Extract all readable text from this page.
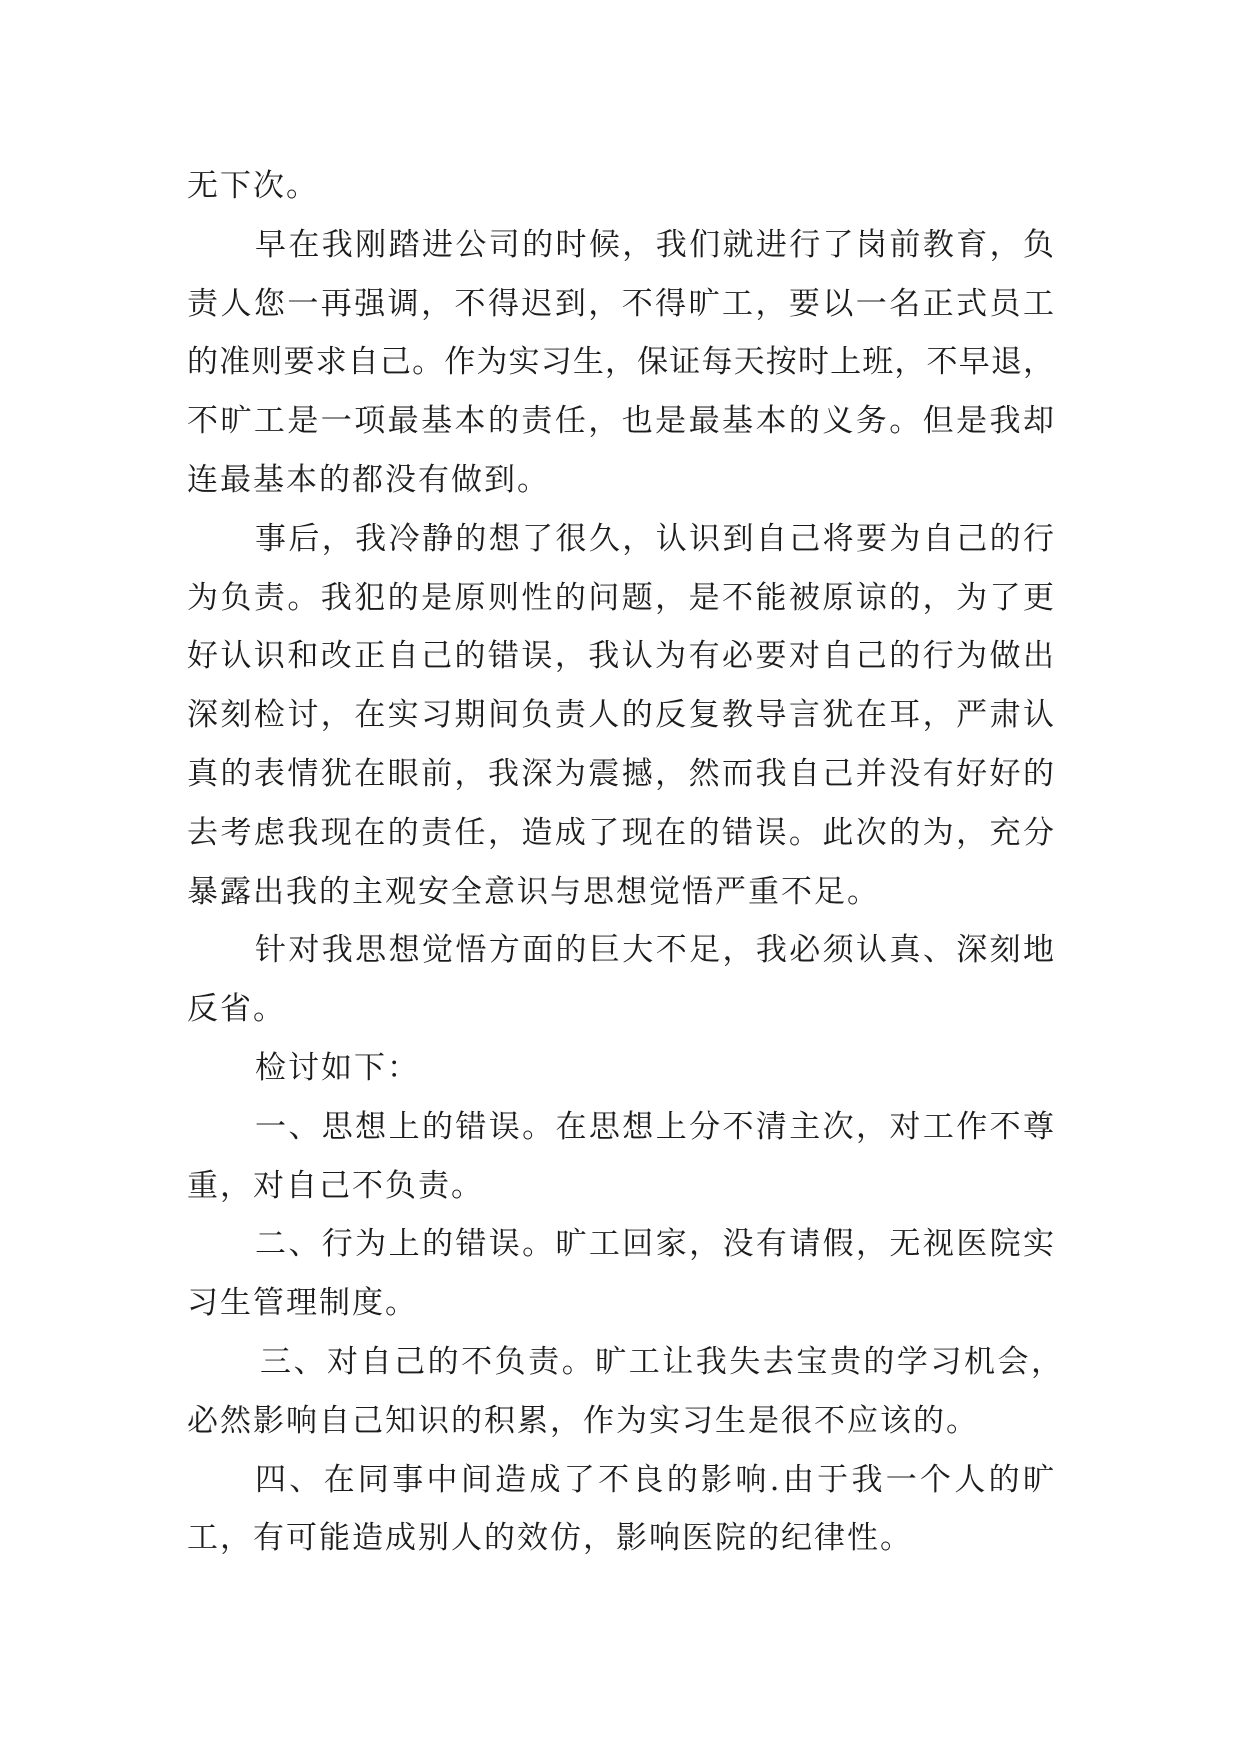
无下次。
早在我刚踏进公司的时候，我们就进行了岗前教育，负
责人您一再强调，不得迟到，不得旷工，要以一名正式员工
的准则要求自己。作为实习生，保证每天按时上班，不早退，
不旷工是一项最基本的责任，也是最基本的义务。但是我却
连最基本的都没有做到。
事后，我冷静的想了很久，认识到自己将要为自己的行
为负责。我犯的是原则性的问题，是不能被原谅的，为了更
好认识和改正自己的错误，我认为有必要对自己的行为做出
深刻检讨，在实习期间负责人的反复教导言犹在耳，严肃认
真的表情犹在眼前，我深为震撼，然而我自己并没有好好的
去考虑我现在的责任，造成了现在的错误。此次的为，充分
暴露出我的主观安全意识与思想觉悟严重不足。
针对我思想觉悟方面的巨大不足，我必须认真、深刻地
反省。
检讨如下：
一、思想上的错误。在思想上分不清主次，对工作不尊
重，对自己不负责。
二、行为上的错误。旷工回家，没有请假，无视医院实
习生管理制度。
三、对自己的不负责。旷工让我失去宝贵的学习机会，
必然影响自己知识的积累，作为实习生是很不应该的。
四、在同事中间造成了不良的影响.由于我一个人的旷
工，有可能造成别人的效仿，影响医院的纪律性。
